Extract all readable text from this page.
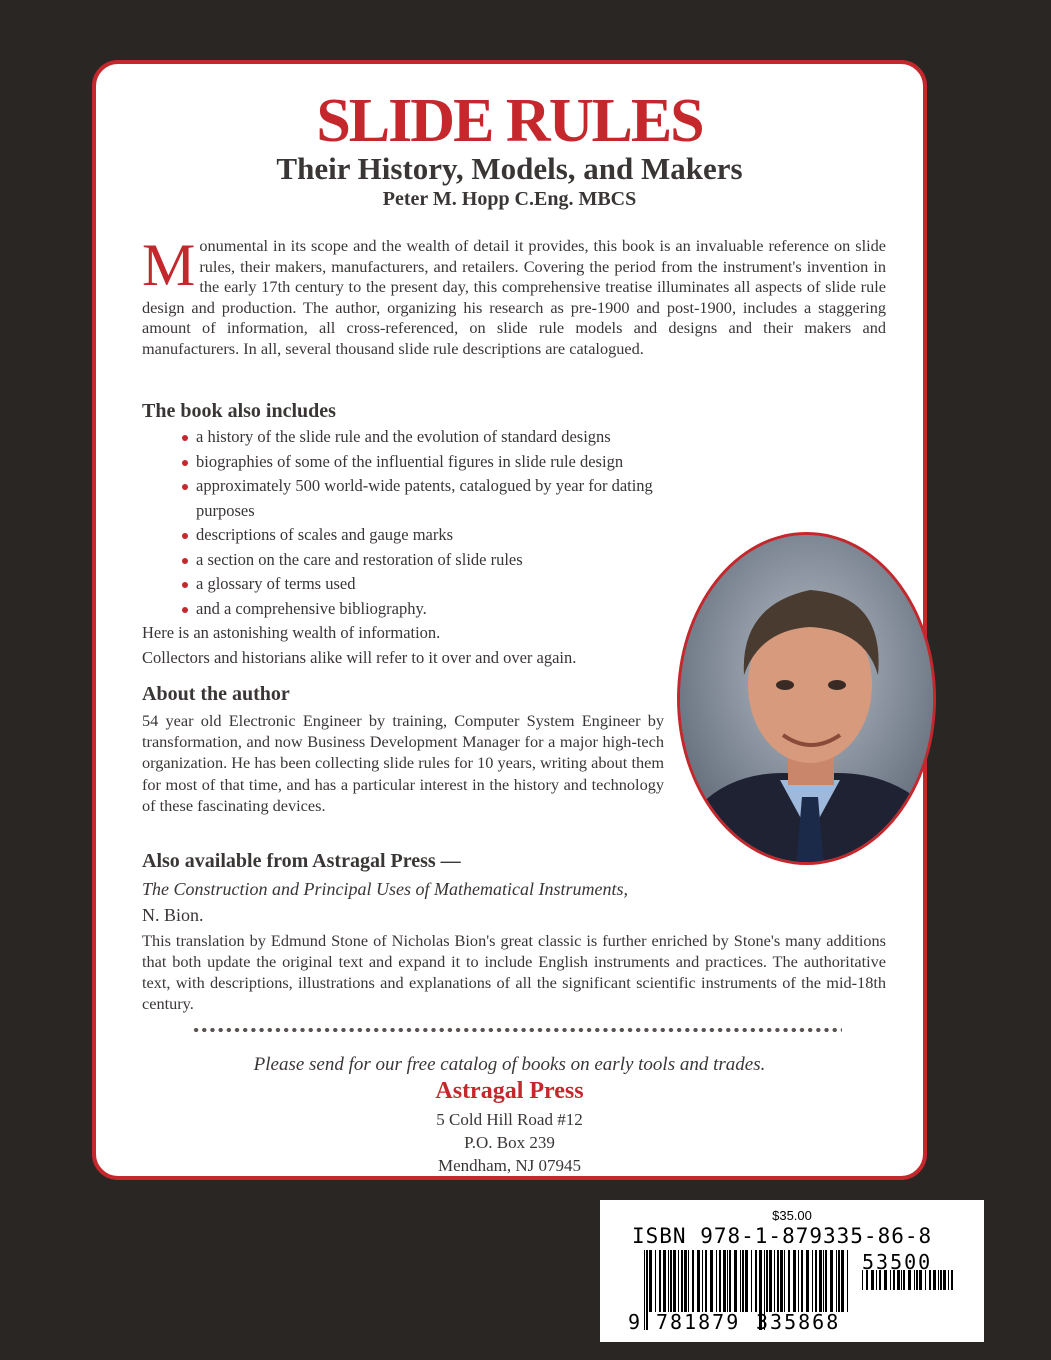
SLIDE RULES
Their History, Models, and Makers
Peter M. Hopp C.Eng. MBCS

Monumental in its scope and the wealth of detail it provides, this book is an invaluable reference on slide rules, their makers, manufacturers, and retailers. Covering the period from the instrument's invention in the early 17th century to the present day, this comprehensive treatise illuminates all aspects of slide rule design and production. The author, organizing his research as pre-1900 and post-1900, includes a staggering amount of information, all cross-referenced, on slide rule models and designs and their makers and manufacturers. In all, several thousand slide rule descriptions are catalogued.

The book also includes
a history of the slide rule and the evolution of standard designs
biographies of some of the influential figures in slide rule design
approximately 500 world-wide patents, catalogued by year for dating purposes
descriptions of scales and gauge marks
a section on the care and restoration of slide rules
a glossary of terms used
and a comprehensive bibliography.
Here is an astonishing wealth of information.
Collectors and historians alike will refer to it over and over again.
About the author

54 year old Electronic Engineer by training, Computer System Engineer by transformation, and now Business Development Manager for a major high-tech organization. He has been collecting slide rules for 10 years, writing about them for most of that time, and has a particular interest in the history and technology of these fascinating devices.

Also available from Astragal Press —
The Construction and Principal Uses of Mathematical Instruments,
N. Bion.

This translation by Edmund Stone of Nicholas Bion's great classic is further enriched by Stone's many additions that both update the original text and expand it to include English instruments and practices. The authoritative text, with descriptions, illustrations and explanations of all the significant scientific instruments of the mid-18th century.

Please send for our free catalog of books on early tools and trades.
Astragal Press
5 Cold Hill Road #12
P.O. Box 239
Mendham, NJ 07945
$35.00
ISBN 978-1-879335-86-8
53500
9 781879 335868
